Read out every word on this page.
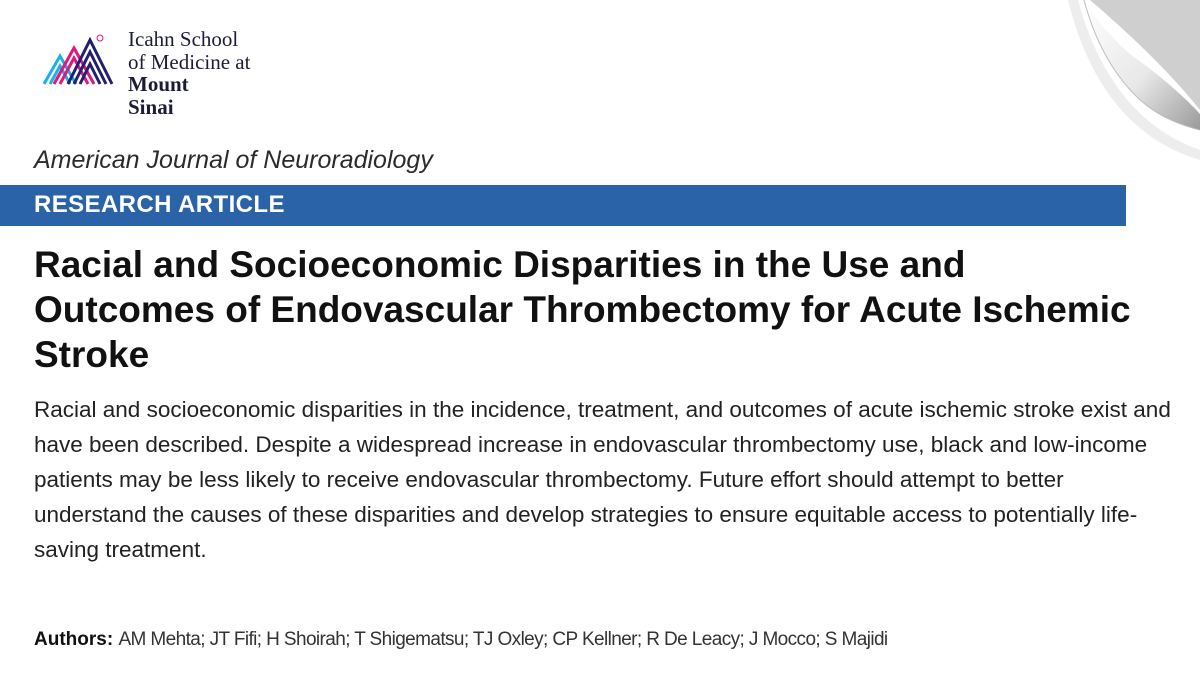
Icahn School
of Medicine at
Mount
Sinai
American Journal of Neuroradiology
RESEARCH ARTICLE
Racial and Socioeconomic Disparities in the Use and Outcomes of Endovascular Thrombectomy for Acute Ischemic Stroke

Racial and socioeconomic disparities in the incidence, treatment, and outcomes of acute ischemic stroke exist and have been described. Despite a widespread increase in endovascular thrombectomy use, black and low-income patients may be less likely to receive endovascular thrombectomy. Future effort should attempt to better understand the causes of these disparities and develop strategies to ensure equitable access to potentially life-saving treatment.

Authors: AM Mehta; JT Fifi; H Shoirah; T Shigematsu; TJ Oxley; CP Kellner; R De Leacy; J Mocco; S Majidi
